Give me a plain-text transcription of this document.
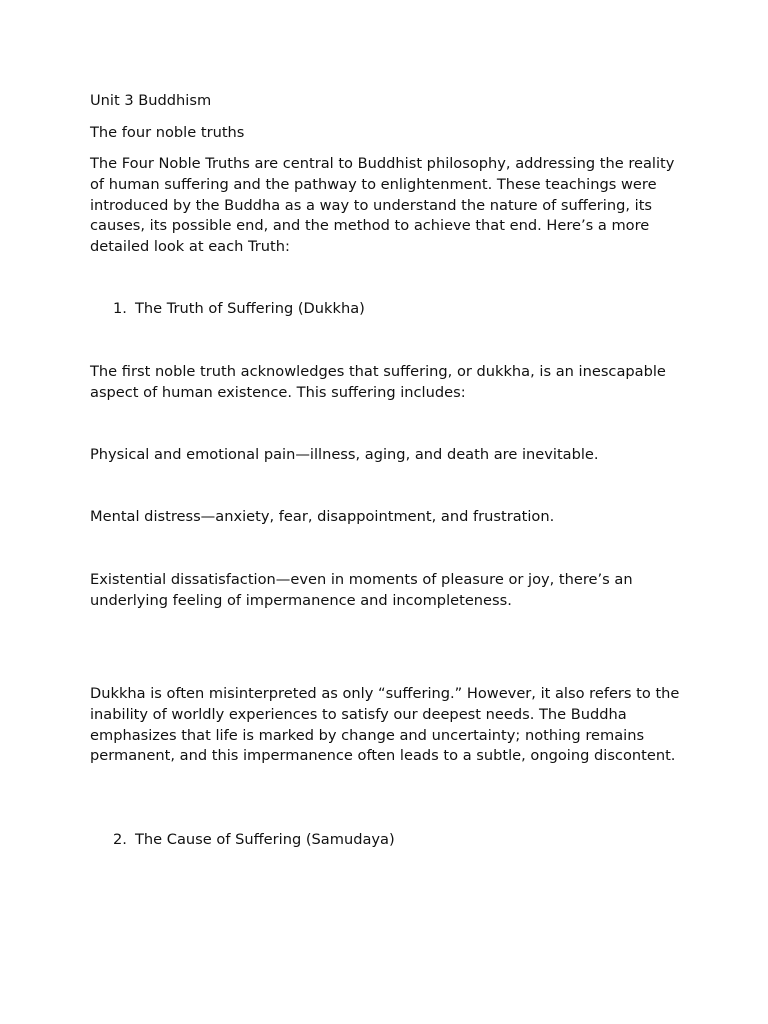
Unit 3 Buddhism

The four noble truths

The Four Noble Truths are central to Buddhist philosophy, addressing the reality of human suffering and the pathway to enlightenment. These teachings were introduced by the Buddha as a way to understand the nature of suffering, its causes, its possible end, and the method to achieve that end. Here’s a more detailed look at each Truth:

1. The Truth of Suffering (Dukkha)

The first noble truth acknowledges that suffering, or dukkha, is an inescapable aspect of human existence. This suffering includes:

Physical and emotional pain—illness, aging, and death are inevitable.

Mental distress—anxiety, fear, disappointment, and frustration.

Existential dissatisfaction—even in moments of pleasure or joy, there’s an underlying feeling of impermanence and incompleteness.

Dukkha is often misinterpreted as only “suffering.” However, it also refers to the inability of worldly experiences to satisfy our deepest needs. The Buddha emphasizes that life is marked by change and uncertainty; nothing remains permanent, and this impermanence often leads to a subtle, ongoing discontent.

2. The Cause of Suffering (Samudaya)
